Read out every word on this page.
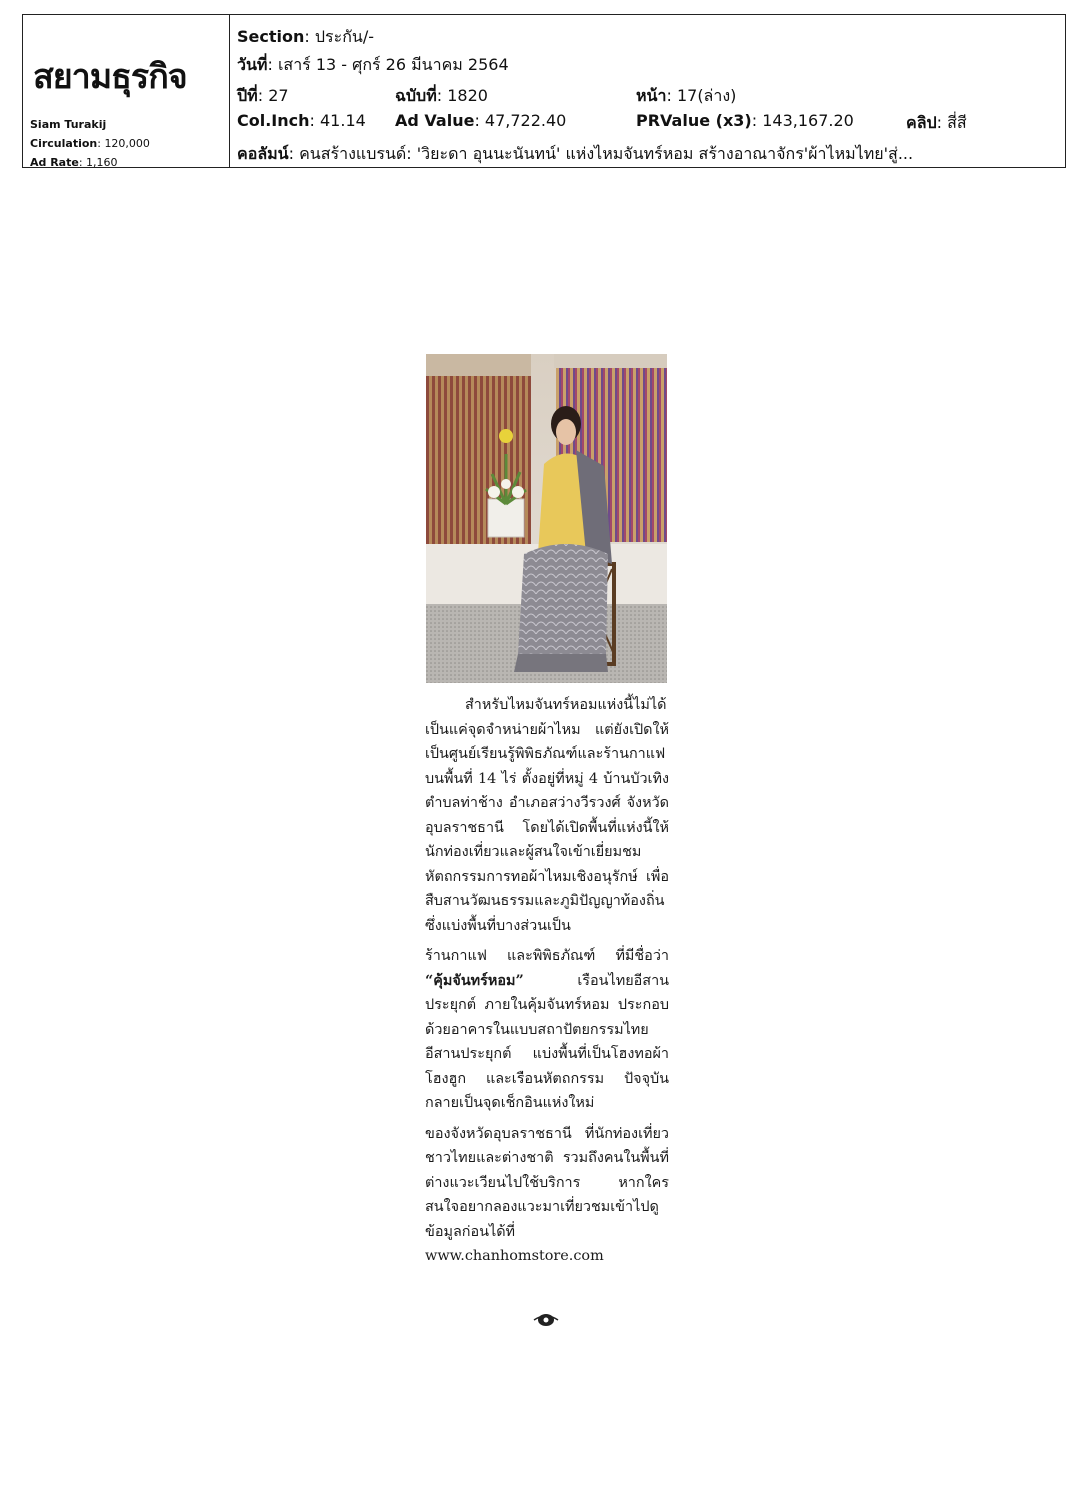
สยามธุรกิจ
Siam Turakij
Circulation: 120,000
Ad Rate: 1,160
Section: ประกัน/-
วันที่: เสาร์ 13 - ศุกร์ 26 มีนาคม 2564
ปีที่: 27	ฉบับที่: 1820	หน้า: 17(ล่าง)
Col.Inch: 41.14 Ad Value: 47,722.40	PRValue (x3): 143,167.20	คลิป: สี่สี
คอลัมน์: คนสร้างแบรนด์: 'วิยะดา อุนนะนันทน์' แห่งไหมจันทร์หอม สร้างอาณาจักร'ผ้าไหมไทย'สู่...

สำหรับไหมจันทร์หอมแห่งนี้ไม่ได้เป็นแค่จุดจำหน่ายผ้าไหม แต่ยังเปิดให้เป็นศูนย์เรียนรู้พิพิธภัณฑ์และร้านกาแฟ บนพื้นที่ 14 ไร่ ตั้งอยู่ที่หมู่ 4 บ้านบัวเทิง ตำบลท่าช้าง อำเภอสว่างวีรวงศ์ จังหวัดอุบลราชธานี โดยได้เปิดพื้นที่แห่งนี้ให้นักท่องเที่ยวและผู้สนใจเข้าเยี่ยมชมหัตถกรรมการทอผ้าไหมเชิงอนุรักษ์ เพื่อสืบสานวัฒนธรรมและภูมิปัญญาท้องถิ่น ซึ่งแบ่งพื้นที่บางส่วนเป็น

ร้านกาแฟ และพิพิธภัณฑ์ ที่มีชื่อว่า “คุ้มจันทร์หอม” เรือนไทยอีสานประยุกต์ ภายในคุ้มจันทร์หอม ประกอบด้วยอาคารในแบบสถาปัตยกรรมไทยอีสานประยุกต์ แบ่งพื้นที่เป็นโฮงทอผ้า โฮงฮูก และเรือนหัตถกรรม ปัจจุบันกลายเป็นจุดเช็กอินแห่งใหม่

ของจังหวัดอุบลราชธานี ที่นักท่องเที่ยวชาวไทยและต่างชาติ รวมถึงคนในพื้นที่ต่างแวะเวียนไปใช้บริการ หากใครสนใจอยากลองแวะมาเที่ยวชมเข้าไปดูข้อมูลก่อนได้ที่ www.chanhomstore.com
